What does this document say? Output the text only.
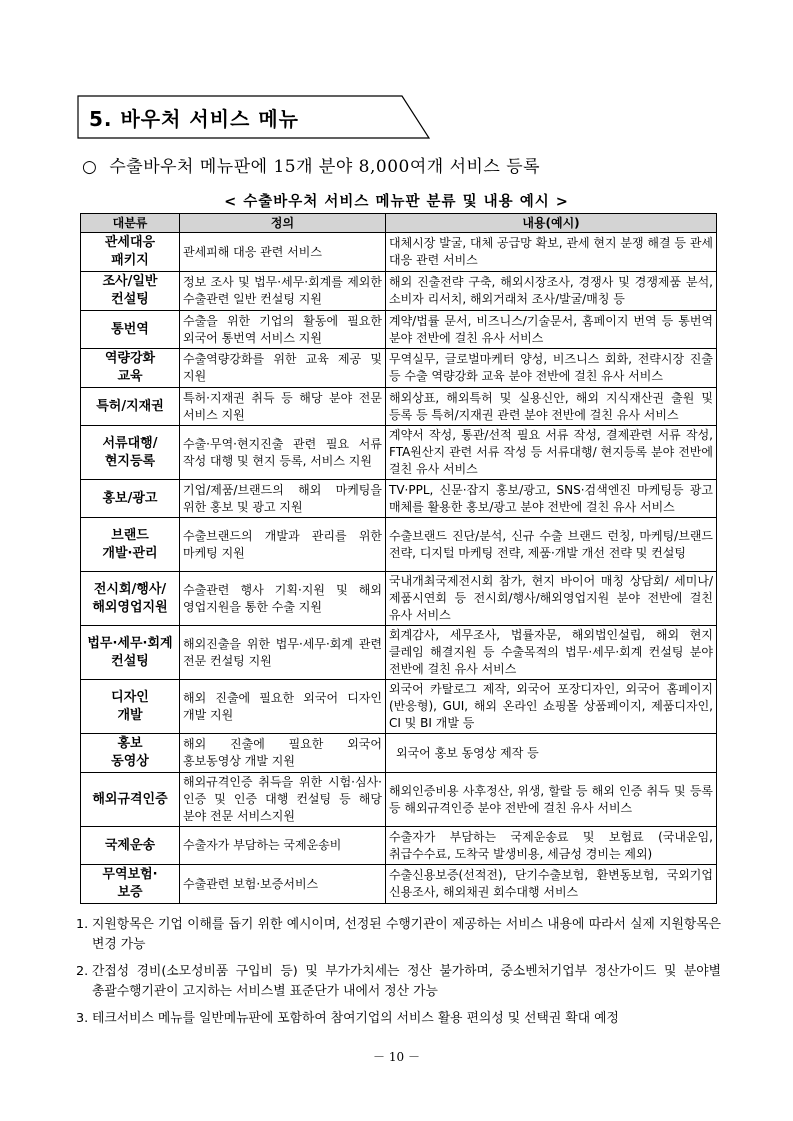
5. 바우처 서비스 메뉴
○ 수출바우처 메뉴판에 15개 분야 8,000여개 서비스 등록
< 수출바우처 서비스 메뉴판 분류 및 내용 예시 >
대분류	정의	내용(예시)
관세대응
패키지	관세피해 대응 관련 서비스	대체시장 발굴, 대체 공급망 확보, 관세 현지 분쟁 해결 등 관세 대응 관련 서비스
조사/일반
컨설팅	정보 조사 및 법무·세무·회계를 제외한 수출관련 일반 컨설팅 지원	해외 진출전략 구축, 해외시장조사, 경쟁사 및 경쟁제품 분석, 소비자 리서치, 해외거래처 조사/발굴/매칭 등
통번역	수출을 위한 기업의 활동에 필요한 외국어 통번역 서비스 지원	계약/법률 문서, 비즈니스/기술문서, 홈페이지 번역 등 통번역 분야 전반에 걸친 유사 서비스
역량강화
교육	수출역량강화를 위한 교육 제공 및 지원	무역실무, 글로벌마케터 양성, 비즈니스 회화, 전략시장 진출 등 수출 역량강화 교육 분야 전반에 걸친 유사 서비스
특허/지재권	특허·지재권 취득 등 해당 분야 전문 서비스 지원	해외상표, 해외특허 및 실용신안, 해외 지식재산권 출원 및 등록 등 특허/지재권 관련 분야 전반에 걸친 유사 서비스
서류대행/
현지등록	수출·무역·현지진출 관련 필요 서류 작성 대행 및 현지 등록, 서비스 지원	계약서 작성, 통관/선적 필요 서류 작성, 결제관련 서류 작성, FTA원산지 관련 서류 작성 등 서류대행/ 현지등록 분야 전반에 걸친 유사 서비스
홍보/광고	기업/제품/브랜드의 해외 마케팅을 위한 홍보 및 광고 지원	TV·PPL, 신문·잡지 홍보/광고, SNS·검색엔진 마케팅등 광고 매체를 활용한 홍보/광고 분야 전반에 걸친 유사 서비스
브랜드
개발·관리	수출브랜드의 개발과 관리를 위한 마케팅 지원	수출브랜드 진단/분석, 신규 수출 브랜드 런칭, 마케팅/브랜드 전략, 디지털 마케팅 전략, 제품·개발 개선 전략 및 컨설팅
전시회/행사/
해외영업지원	수출관련 행사 기획·지원 및 해외 영업지원을 통한 수출 지원	국내개최국제전시회 참가, 현지 바이어 매칭 상담회/ 세미나/제품시연회 등 전시회/행사/해외영업지원 분야 전반에 걸친 유사 서비스
법무·세무·회계
컨설팅	해외진출을 위한 법무·세무·회계 관련 전문 컨설팅 지원	회계감사, 세무조사, 법률자문, 해외법인설립, 해외 현지 클레임 해결지원 등 수출목적의 법무·세무·회계 컨설팅 분야 전반에 걸친 유사 서비스
디자인
개발	해외 진출에 필요한 외국어 디자인 개발 지원	외국어 카탈로그 제작, 외국어 포장디자인, 외국어 홈페이지(반응형), GUI, 해외 온라인 쇼핑몰 상품페이지, 제품디자인, CI 및 BI 개발 등
홍보
동영상	해외 진출에 필요한 외국어 홍보동영상 개발 지원	외국어 홍보 동영상 제작 등
해외규격인증	해외규격인증 취득을 위한 시험·심사·인증 및 인증 대행 컨설팅 등 해당 분야 전문 서비스지원	해외인증비용 사후정산, 위생, 할랄 등 해외 인증 취득 및 등록 등 해외규격인증 분야 전반에 걸친 유사 서비스
국제운송	수출자가 부담하는 국제운송비	수출자가 부담하는 국제운송료 및 보험료 (국내운임, 취급수수료, 도착국 발생비용, 세금성 경비는 제외)
무역보험·
보증	수출관련 보험·보증서비스	수출신용보증(선적전), 단기수출보험, 환변동보험, 국외기업 신용조사, 해외채권 회수대행 서비스
1. 지원항목은 기업 이해를 돕기 위한 예시이며, 선정된 수행기관이 제공하는 서비스 내용에 따라서 실제 지원항목은 변경 가능
2. 간접성 경비(소모성비품 구입비 등) 및 부가가치세는 정산 불가하며, 중소벤처기업부 정산가이드 및 분야별 총괄수행기관이 고지하는 서비스별 표준단가 내에서 정산 가능
3. 테크서비스 메뉴를 일반메뉴판에 포함하여 참여기업의 서비스 활용 편의성 및 선택권 확대 예정
－ 10 －
